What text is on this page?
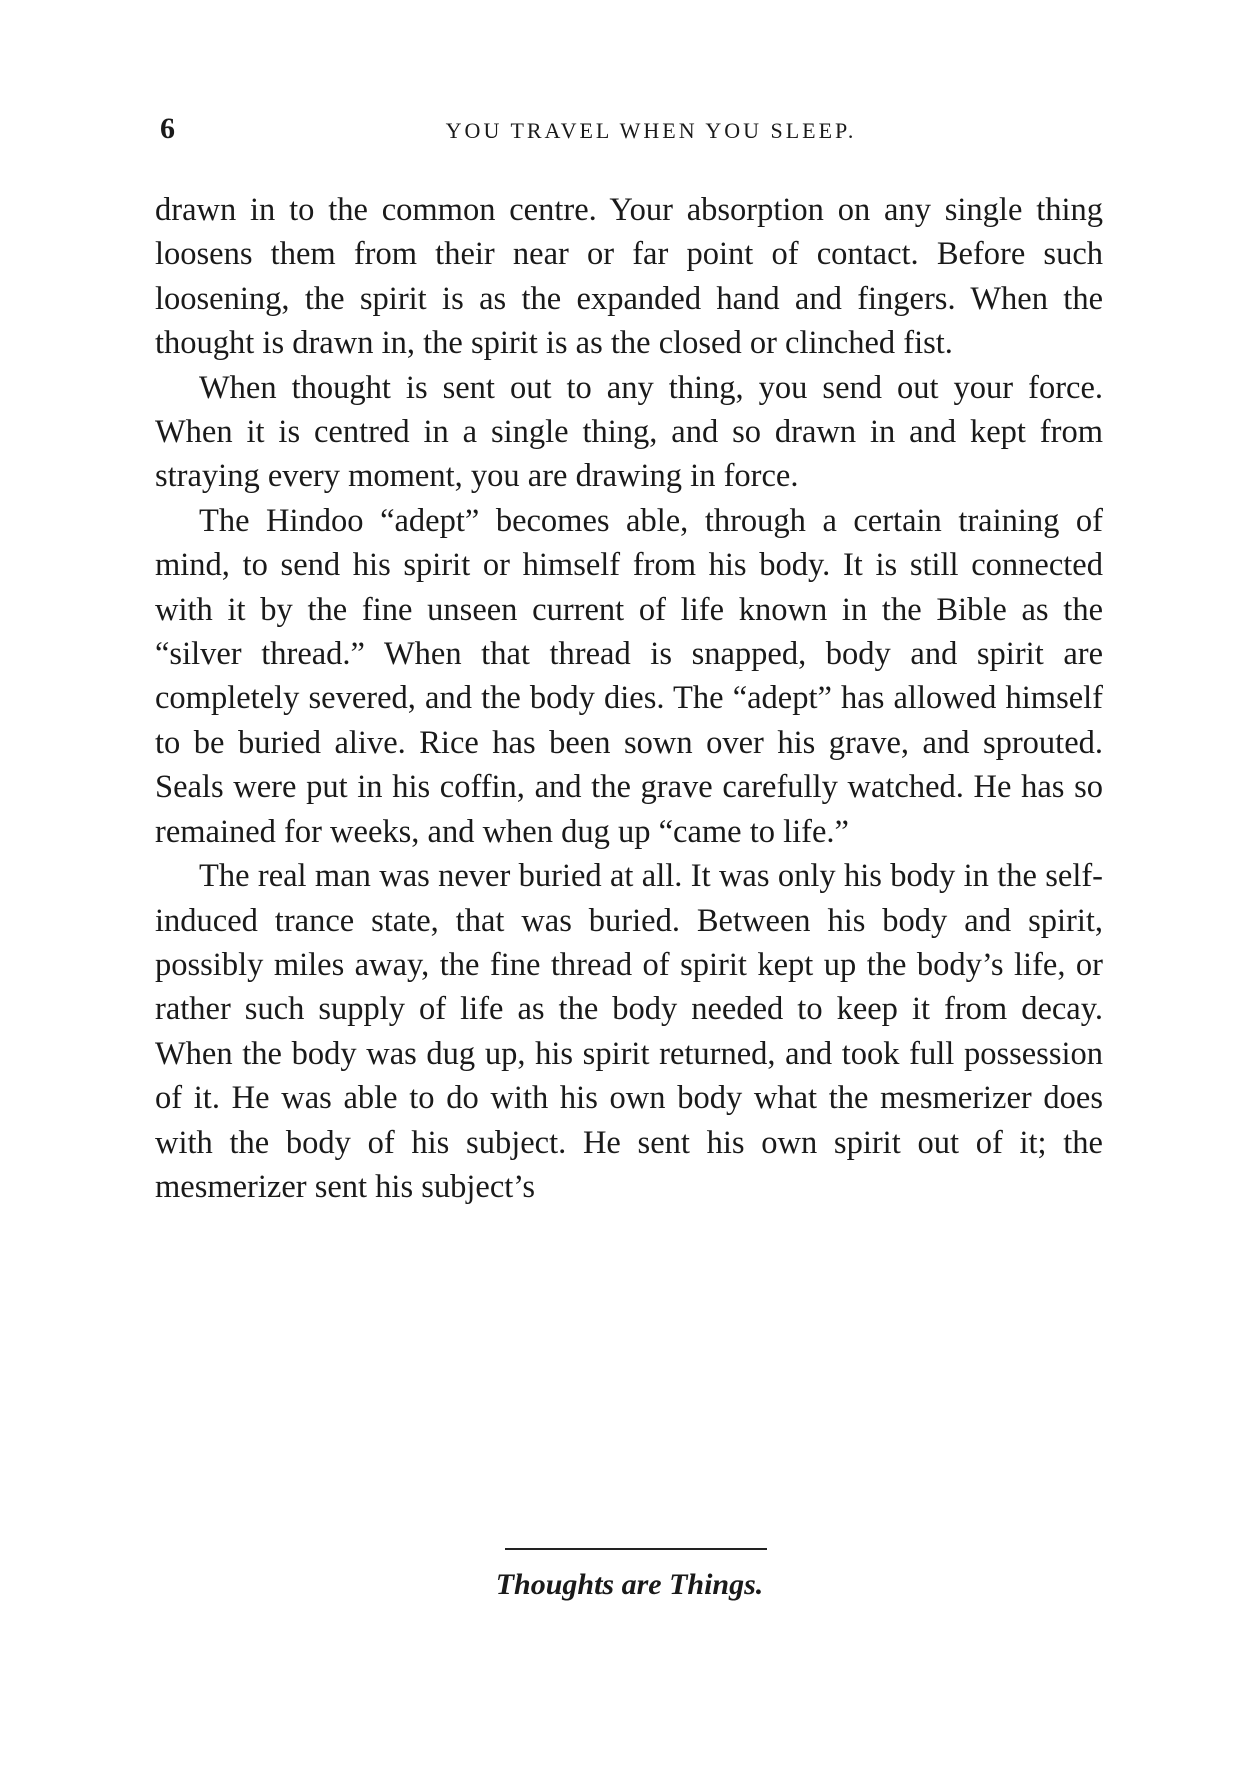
6	YOU TRAVEL WHEN YOU SLEEP.

drawn in to the common centre. Your absorption on any single thing loosens them from their near or far point of contact. Before such loosening, the spirit is as the expanded hand and fingers. When the thought is drawn in, the spirit is as the closed or clinched fist.

When thought is sent out to any thing, you send out your force. When it is centred in a single thing, and so drawn in and kept from straying every moment, you are drawing in force.

The Hindoo “adept” becomes able, through a certain training of mind, to send his spirit or himself from his body. It is still connected with it by the fine unseen current of life known in the Bible as the “silver thread.” When that thread is snapped, body and spirit are completely severed, and the body dies. The “adept” has allowed himself to be buried alive. Rice has been sown over his grave, and sprouted. Seals were put in his coffin, and the grave carefully watched. He has so remained for weeks, and when dug up “came to life.”

The real man was never buried at all. It was only his body in the self-induced trance state, that was buried. Between his body and spirit, possibly miles away, the fine thread of spirit kept up the body’s life, or rather such supply of life as the body needed to keep it from decay. When the body was dug up, his spirit returned, and took full possession of it. He was able to do with his own body what the mesmerizer does with the body of his subject. He sent his own spirit out of it; the mesmerizer sent his subject’s

Thoughts are Things.
